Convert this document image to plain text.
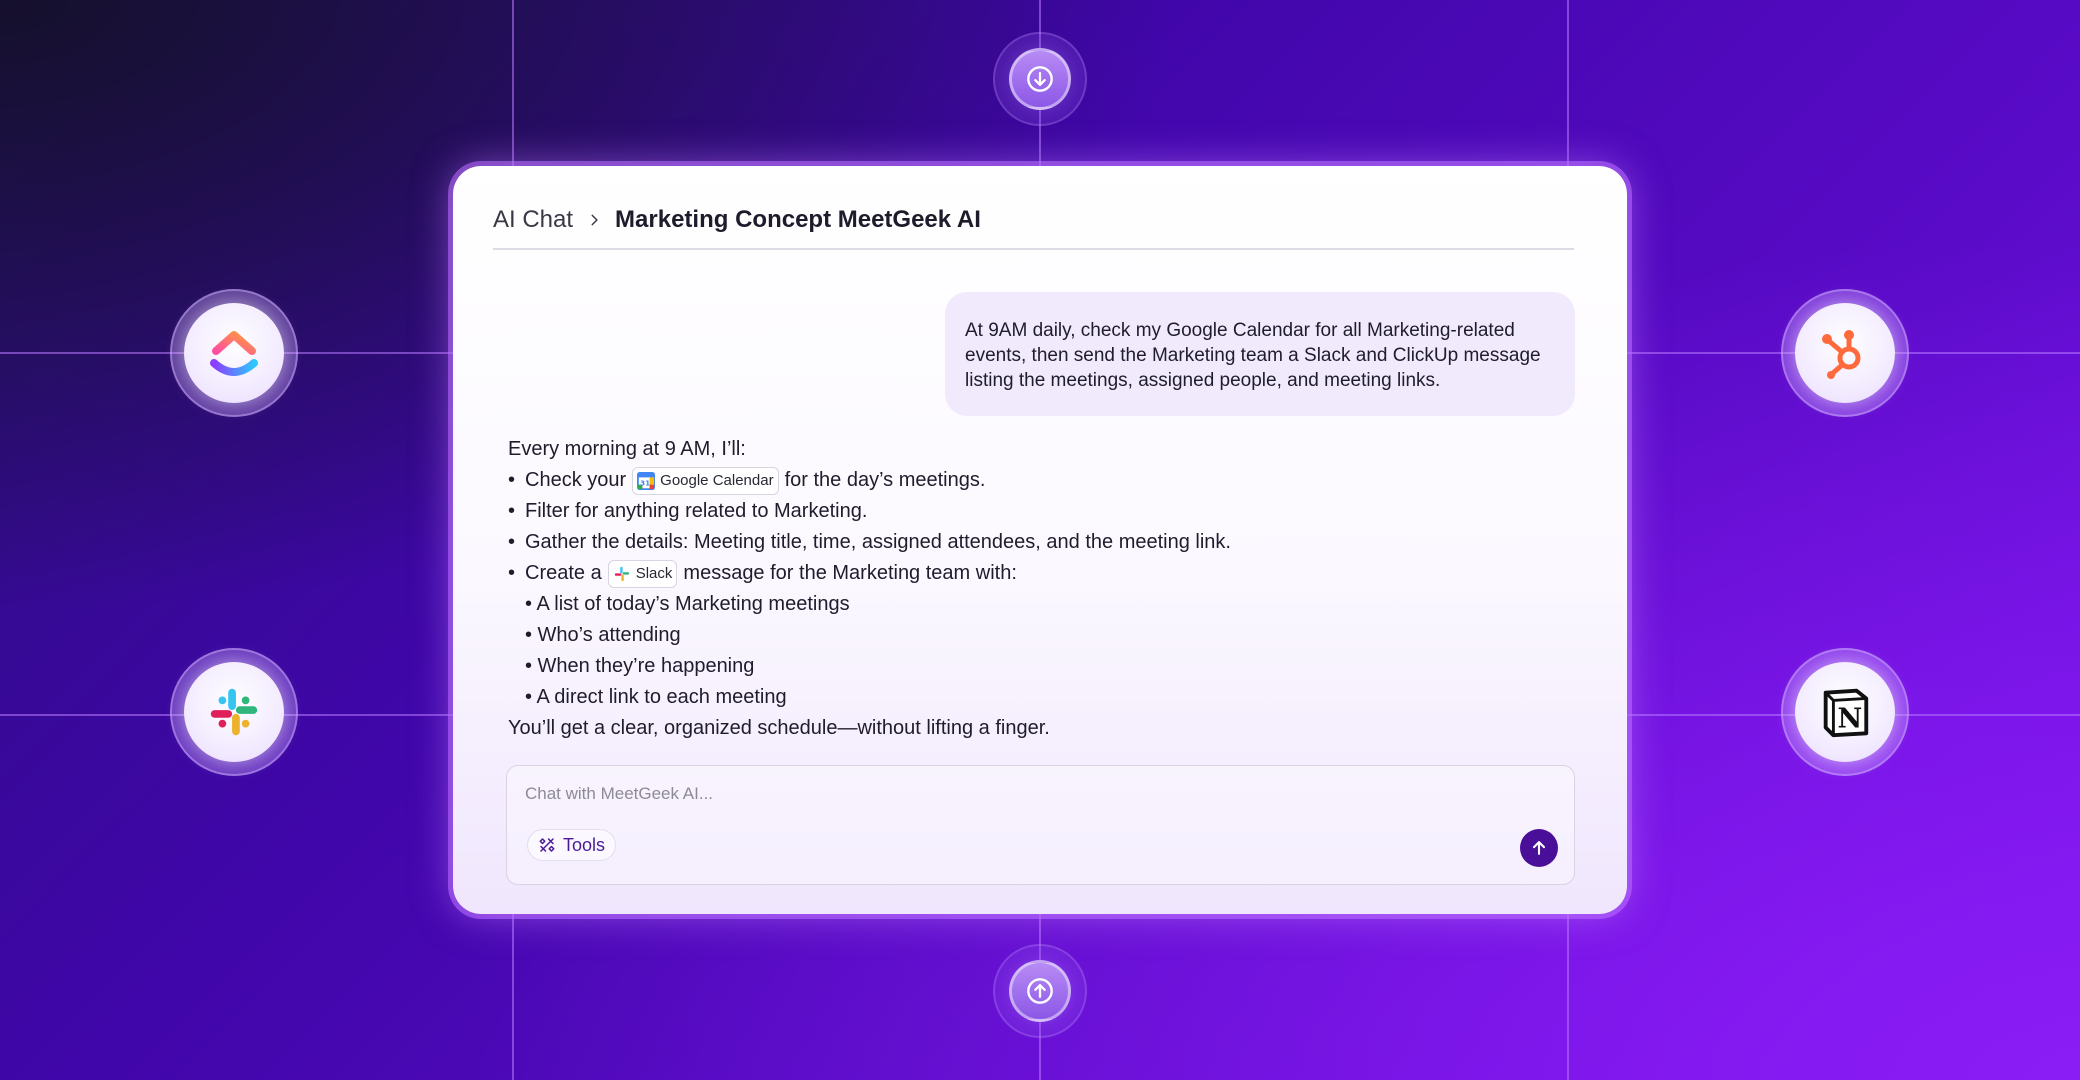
N
AI Chat Marketing Concept MeetGeek AI
At 9AM daily, check my Google Calendar for all Marketing-related events, then send the Marketing team a Slack and ClickUp message listing the meetings, assigned people, and meeting links.
Every morning at 9 AM, I’ll:
• Check your 31 Google Calendar for the day’s meetings.
• Filter for anything related to Marketing.
• Gather the details: Meeting title, time, assigned attendees, and the meeting link.
• Create a Slack message for the Marketing team with:
• A list of today’s Marketing meetings
• Who’s attending
• When they’re happening
• A direct link to each meeting
You’ll get a clear, organized schedule—without lifting a finger.
Chat with MeetGeek AI...
Tools
